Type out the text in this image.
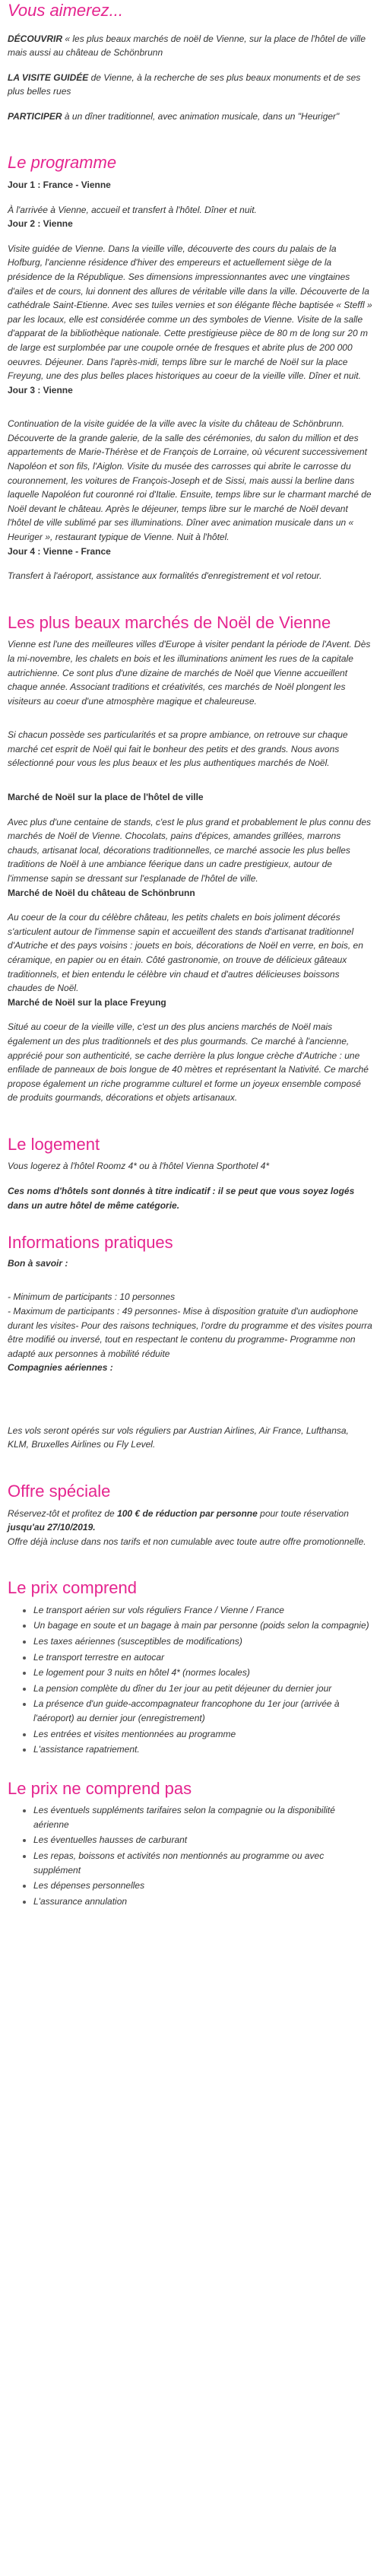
Vous aimerez...

DÉCOUVRIR « les plus beaux marchés de noël de Vienne, sur la place de l'hôtel de ville mais aussi au château de Schönbrunn

LA VISITE GUIDÉE de Vienne, à la recherche de ses plus beaux monuments et de ses plus belles rues

PARTICIPER à un dîner traditionnel, avec animation musicale, dans un "Heuriger"

Le programme

Jour 1 : France - Vienne

À l'arrivée à Vienne, accueil et transfert à l'hôtel. Dîner et nuit.

Jour 2 : Vienne

Visite guidée de Vienne. Dans la vieille ville, découverte des cours du palais de la Hofburg, l'ancienne résidence d'hiver des empereurs et actuellement siège de la présidence de la République. Ses dimensions impressionnantes avec une vingtaines d'ailes et de cours, lui donnent des allures de véritable ville dans la ville. Découverte de la cathédrale Saint-Etienne. Avec ses tuiles vernies et son élégante flèche baptisée « Steffl » par les locaux, elle est considérée comme un des symboles de Vienne. Visite de la salle d'apparat de la bibliothèque nationale. Cette prestigieuse pièce de 80 m de long sur 20 m de large est surplombée par une coupole ornée de fresques et abrite plus de 200 000 oeuvres. Déjeuner. Dans l'après-midi, temps libre sur le marché de Noël sur la place Freyung, une des plus belles places historiques au coeur de la vieille ville. Dîner et nuit.

Jour 3 : Vienne

Continuation de la visite guidée de la ville avec la visite du château de Schönbrunn. Découverte de la grande galerie, de la salle des cérémonies, du salon du million et des appartements de Marie-Thérèse et de François de Lorraine, où vécurent successivement Napoléon et son fils, l'Aiglon. Visite du musée des carrosses qui abrite le carrosse du couronnement, les voitures de François-Joseph et de Sissi, mais aussi la berline dans laquelle Napoléon fut couronné roi d'Italie. Ensuite, temps libre sur le charmant marché de Noël devant le château. Après le déjeuner, temps libre sur le marché de Noël devant l'hôtel de ville sublimé par ses illuminations. Dîner avec animation musicale dans un « Heuriger », restaurant typique de Vienne. Nuit à l'hôtel.

Jour 4 : Vienne - France

Transfert à l'aéroport, assistance aux formalités d'enregistrement et vol retour.

Les plus beaux marchés de Noël de Vienne

Vienne est l'une des meilleures villes d'Europe à visiter pendant la période de l'Avent. Dès la mi-novembre, les chalets en bois et les illuminations animent les rues de la capitale autrichienne. Ce sont plus d'une dizaine de marchés de Noël que Vienne accueillent chaque année. Associant traditions et créativités, ces marchés de Noël plongent les visiteurs au coeur d'une atmosphère magique et chaleureuse.

Si chacun possède ses particularités et sa propre ambiance, on retrouve sur chaque marché cet esprit de Noël qui fait le bonheur des petits et des grands. Nous avons sélectionné pour vous les plus beaux et les plus authentiques marchés de Noël.

Marché de Noël sur la place de l'hôtel de ville

Avec plus d'une centaine de stands, c'est le plus grand et probablement le plus connu des marchés de Noël de Vienne. Chocolats, pains d'épices, amandes grillées, marrons chauds, artisanat local, décorations traditionnelles, ce marché associe les plus belles traditions de Noël à une ambiance féerique dans un cadre prestigieux, autour de l'immense sapin se dressant sur l'esplanade de l'hôtel de ville.

Marché de Noël du château de Schönbrunn

Au coeur de la cour du célèbre château, les petits chalets en bois joliment décorés s'articulent autour de l'immense sapin et accueillent des stands d'artisanat traditionnel d'Autriche et des pays voisins : jouets en bois, décorations de Noël en verre, en bois, en céramique, en papier ou en étain. Côté gastronomie, on trouve de délicieux gâteaux traditionnels, et bien entendu le célèbre vin chaud et d'autres délicieuses boissons chaudes de Noël.

Marché de Noël sur la place Freyung

Situé au coeur de la vieille ville, c'est un des plus anciens marchés de Noël mais également un des plus traditionnels et des plus gourmands. Ce marché à l'ancienne, apprécié pour son authenticité, se cache derrière la plus longue crèche d'Autriche : une enfilade de panneaux de bois longue de 40 mètres et représentant la Nativité. Ce marché propose également un riche programme culturel et forme un joyeux ensemble composé de produits gourmands, décorations et objets artisanaux.

Le logement

Vous logerez à l'hôtel Roomz 4* ou à l'hôtel Vienna Sporthotel 4*

Ces noms d'hôtels sont donnés à titre indicatif : il se peut que vous soyez logés dans un autre hôtel de même catégorie.

Informations pratiques

Bon à savoir :

- Minimum de participants : 10 personnes

- Maximum de participants : 49 personnes- Mise à disposition gratuite d'un audiophone durant les visites- Pour des raisons techniques, l'ordre du programme et des visites pourra être modifié ou inversé, tout en respectant le contenu du programme- Programme non adapté aux personnes à mobilité réduite

Compagnies aériennes :

Les vols seront opérés sur vols réguliers par Austrian Airlines, Air France, Lufthansa, KLM, Bruxelles Airlines ou Fly Level.

Offre spéciale

Réservez-tôt et profitez de 100 € de réduction par personne pour toute réservation jusqu'au 27/10/2019.

Offre déjà incluse dans nos tarifs et non cumulable avec toute autre offre promotionnelle.

Le prix comprend
• Le transport aérien sur vols réguliers France / Vienne / France
• Un bagage en soute et un bagage à main par personne (poids selon la compagnie)
• Les taxes aériennes (susceptibles de modifications)
• Le transport terrestre en autocar
• Le logement pour 3 nuits en hôtel 4* (normes locales)
• La pension complète du dîner du 1er jour au petit déjeuner du dernier jour
• La présence d'un guide-accompagnateur francophone du 1er jour (arrivée à l'aéroport) au dernier jour (enregistrement)
• Les entrées et visites mentionnées au programme
• L'assistance rapatriement.
Le prix ne comprend pas
• Les éventuels suppléments tarifaires selon la compagnie ou la disponibilité aérienne
• Les éventuelles hausses de carburant
• Les repas, boissons et activités non mentionnés au programme ou avec supplément
• Les dépenses personnelles
• L'assurance annulation
